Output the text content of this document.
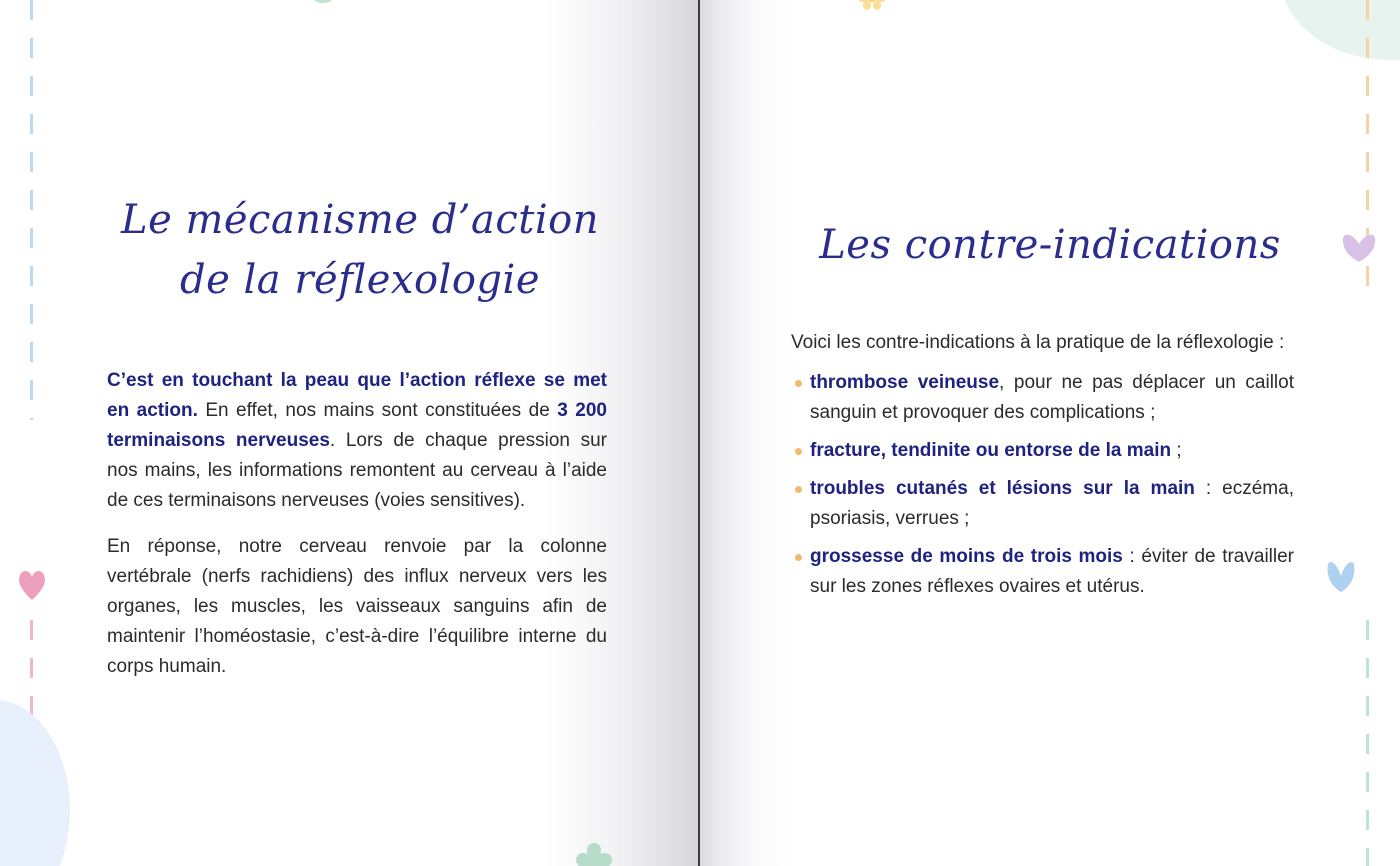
Le mécanisme d’action
de la réflexologie

C’est en touchant la peau que l’action réflexe se met en action. En effet, nos mains sont constituées de 3 200 terminaisons nerveuses. Lors de chaque pression sur nos mains, les informations remontent au cerveau à l’aide de ces terminaisons nerveuses (voies sensitives).

En réponse, notre cerveau renvoie par la colonne vertébrale (nerfs rachidiens) des influx nerveux vers les organes, les muscles, les vaisseaux sanguins afin de maintenir l’homéostasie, c’est-à-dire l’équilibre interne du corps humain.

Les contre-indications
Voici les contre-indications à la pratique de la réflexologie :
thrombose veineuse, pour ne pas déplacer un caillot sanguin et provoquer des complications ;
fracture, tendinite ou entorse de la main ;
troubles cutanés et lésions sur la main : eczéma, psoriasis, verrues ;
grossesse de moins de trois mois : éviter de travailler sur les zones réflexes ovaires et utérus.
